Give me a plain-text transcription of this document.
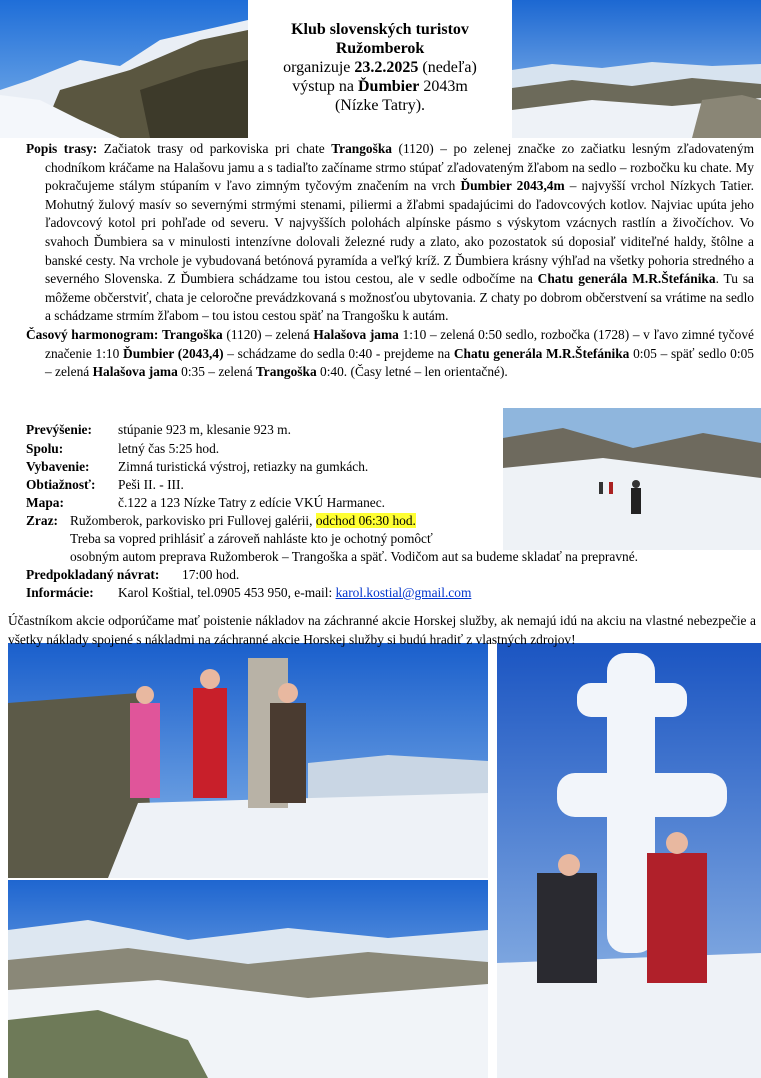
Klub slovenských turistov
Ružomberok
organizuje 23.2.2025 (nedeľa)
výstup na Ďumbier 2043m
(Nízke Tatry).

Popis trasy: Začiatok trasy od parkoviska pri chate Trangoška (1120) – po zelenej značke zo začiatku lesným zľadovateným chodníkom kráčame na Halašovu jamu a s tadiaľto začíname strmo stúpať zľadovateným žľabom na sedlo – rozbočku ku chate. My pokračujeme stálym stúpaním v ľavo zimným tyčovým značením na vrch Ďumbier 2043,4m – najvyšší vrchol Nízkych Tatier. Mohutný žulový masív so severnými strmými stenami, piliermi a žľabmi spadajúcimi do ľadovcových kotlov. Najviac upúta jeho ľadovcový kotol pri pohľade od severu. V najvyšších polohách alpínske pásmo s výskytom vzácnych rastlín a živočíchov. Vo svahoch Ďumbiera sa v minulosti intenzívne dolovali železné rudy a zlato, ako pozostatok sú doposiaľ viditeľné haldy, štôlne a banské cesty. Na vrchole je vybudovaná betónová pyramída a veľký kríž. Z Ďumbiera krásny výhľad na všetky pohoria stredného a severného Slovenska. Z Ďumbiera schádzame tou istou cestou, ale v sedle odbočíme na Chatu generála M.R.Štefánika. Tu sa môžeme občerstviť, chata je celoročne prevádzkovaná s možnosťou ubytovania. Z chaty po dobrom občerstvení sa vrátime na sedlo a schádzame strmím žľabom – tou istou cestou späť na Trangošku k autám.

Časový harmonogram: Trangoška (1120) – zelená Halašova jama 1:10 – zelená 0:50 sedlo, rozbočka (1728) – v ľavo zimné tyčové značenie 1:10 Ďumbier (2043,4) – schádzame do sedla 0:40 - prejdeme na Chatu generála M.R.Štefánika 0:05 – späť sedlo 0:05 – zelená Halašova jama 0:35 – zelená Trangoška 0:40. (Časy letné – len orientačné).

Prevýšenie: stúpanie 923 m, klesanie 923 m.
Spolu:	letný čas 5:25 hod.
Vybavenie: Zimná turistická výstroj, retiazky na gumkách.
Obtiažnosť: Peši II. - III.
Mapa:	č.122 a 123 Nízke Tatry z edície VKÚ Harmanec.
Zraz: Ružomberok, parkovisko pri Fullovej galérii, odchod 06:30 hod.
Treba sa vopred prihlásiť a zároveň nahláste kto je ochotný pomôcť
osobným autom preprava Ružomberok – Trangoška a späť. Vodičom aut sa budeme skladať na prepravné.
Predpokladaný návrat: 17:00 hod.
Informácie: Karol Koštial, tel.0905 453 950, e-mail: karol.kostial@gmail.com
Účastníkom akcie odporúčame mať poistenie nákladov na záchranné akcie Horskej služby, ak nemajú idú na akciu na vlastné nebezpečie a všetky náklady spojené s nákladmi na záchranné akcie Horskej služby si budú hradiť z vlastných zdrojov!
